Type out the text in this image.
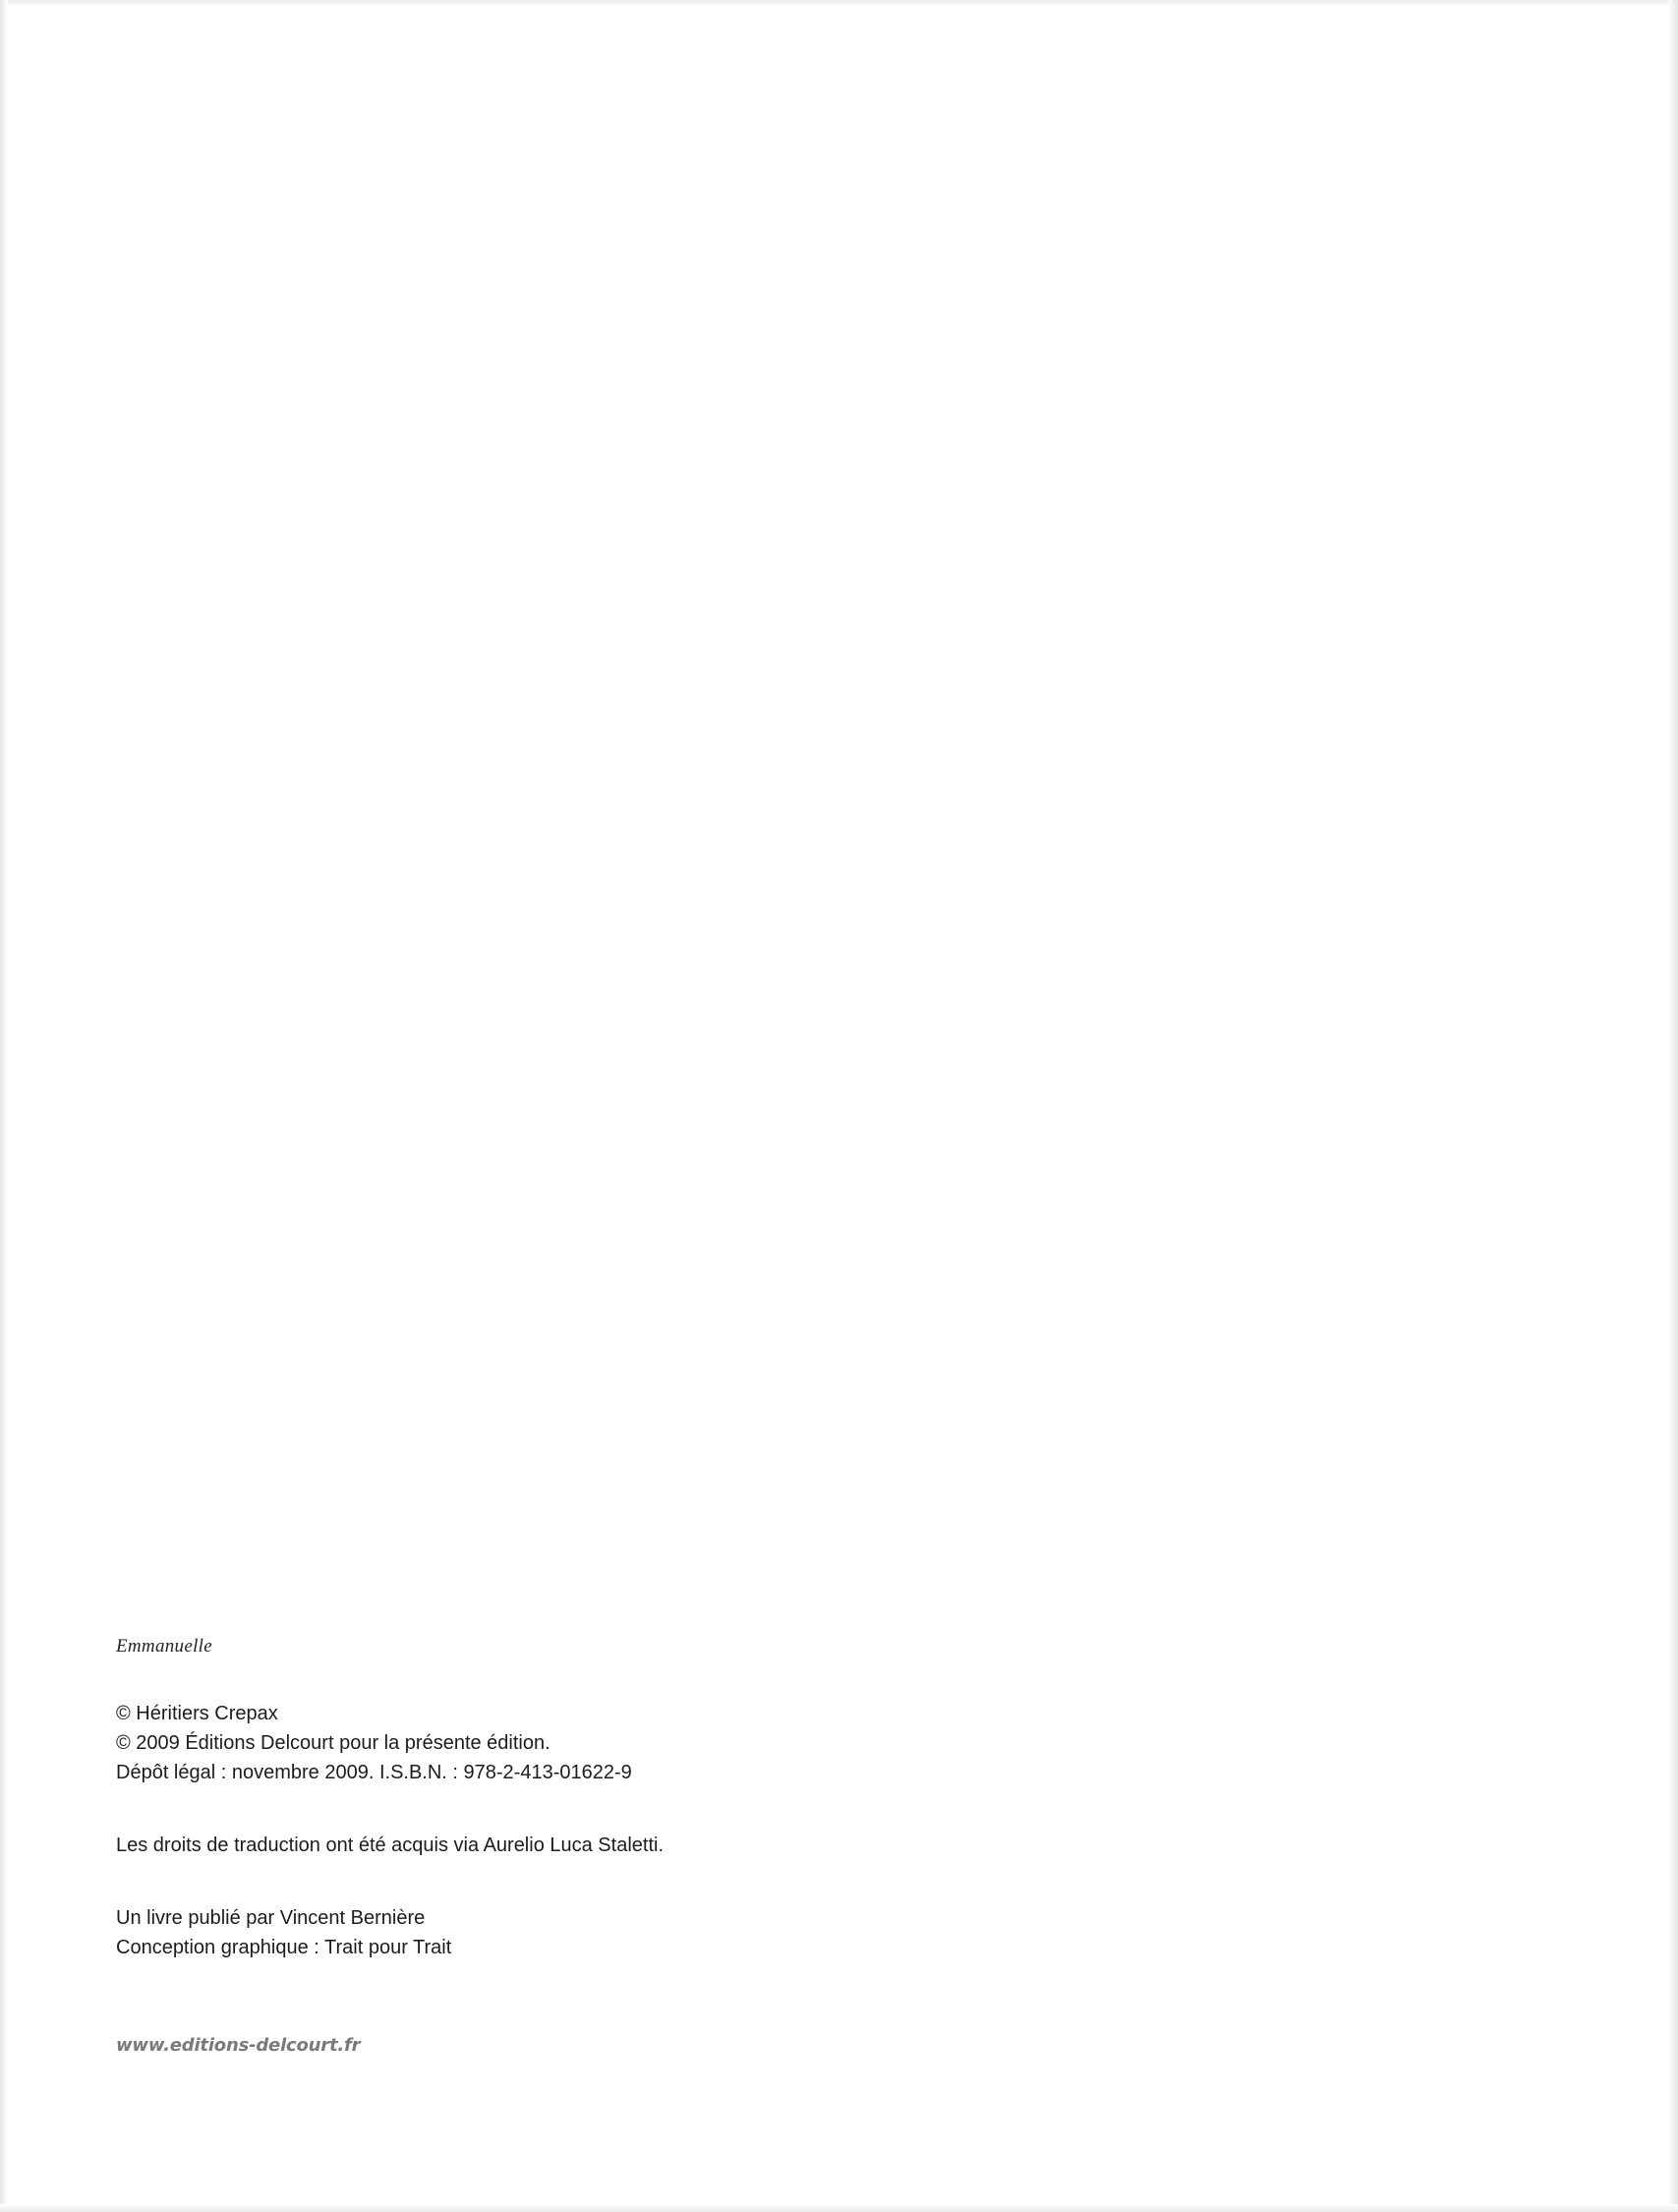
Emmanuelle
© Héritiers Crepax
© 2009 Éditions Delcourt pour la présente édition.
Dépôt légal : novembre 2009. I.S.B.N. : 978-2-413-01622-9
Les droits de traduction ont été acquis via Aurelio Luca Staletti.
Un livre publié par Vincent Bernière
Conception graphique : Trait pour Trait
www.editions-delcourt.fr
